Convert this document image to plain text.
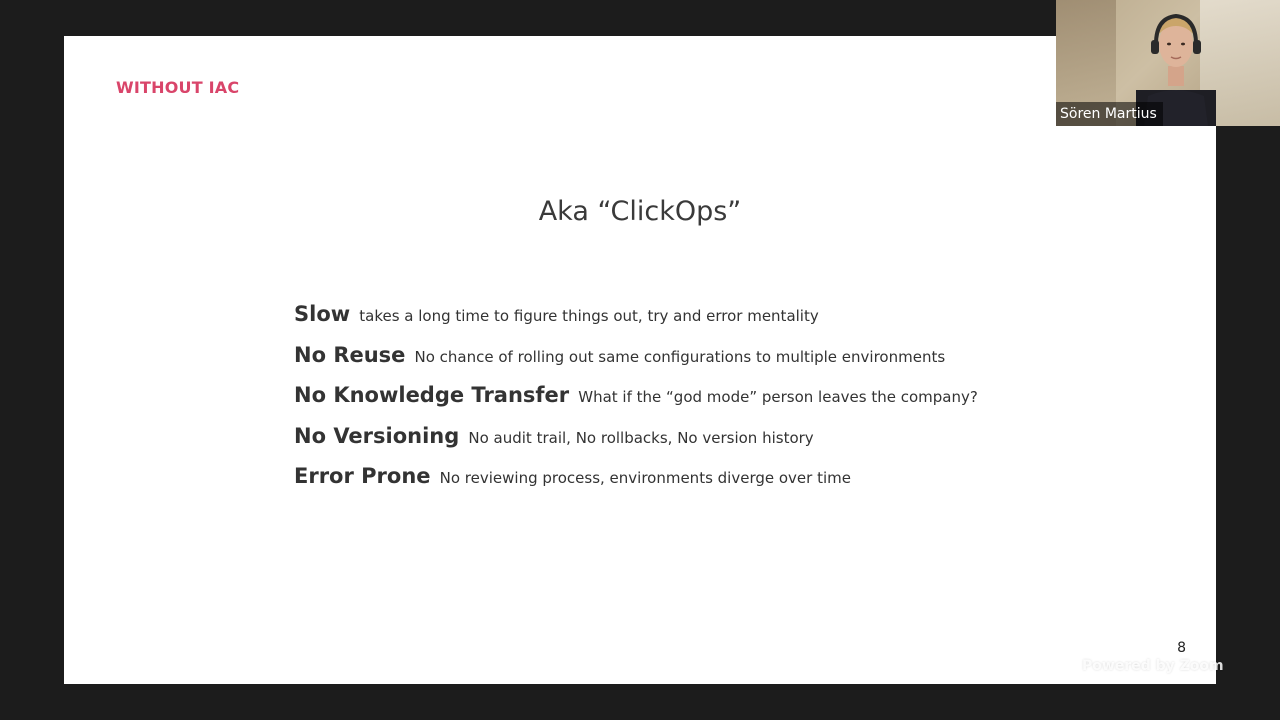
WITHOUT IAC
Aka “ClickOps”
Slow takes a long time to figure things out, try and error mentality
No Reuse No chance of rolling out same configurations to multiple environments
No Knowledge Transfer What if the “god mode” person leaves the company?
No Versioning No audit trail, No rollbacks, No version history
Error Prone No reviewing process, environments diverge over time
8
Powered by Zoom
Sören Martius
